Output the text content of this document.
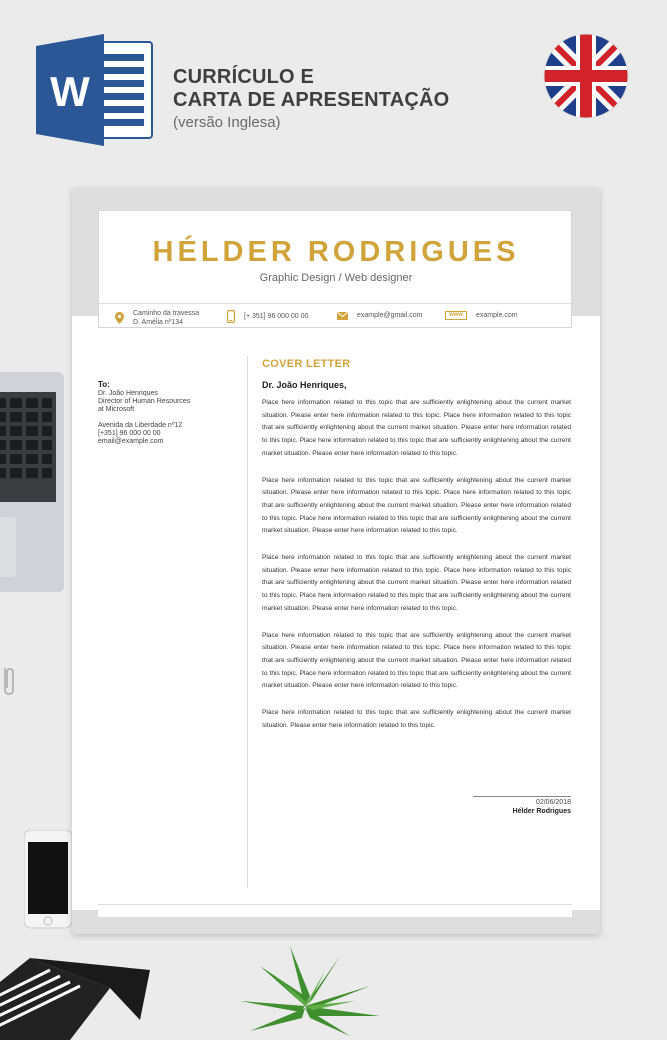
W	CURRÍCULO E
CARTA DE APRESENTAÇÃO
(versão Inglesa)
HÉLDER RODRIGUES
Graphic Design / Web designer
Caminho da travessa
D. Amélia nº134
[+ 351] 96 000 00 00	example@gmail.com	www	example.com
To:
Dr. João Henriques
Director of Human Resources
at Microsoft
Avenida da Liberdade nº12
[+351] 96 000 00 00
email@example.com
COVER LETTER
Dr. João Henriques,

Place here information related to this topic that are sufficiently enlightening about the current market situation. Please enter here information related to this topic. Place here information related to this topic that are sufficiently enlightening about the current market situation. Please enter here information related to this topic. Place here information related to this topic that are sufficiently enlightening about the current market situation. Please enter here information related to this topic.

Place here information related to this topic that are sufficiently enlightening about the current market situation. Please enter here information related to this topic. Place here information related to this topic that are sufficiently enlightening about the current market situation. Please enter here information related to this topic. Place here information related to this topic that are sufficiently enlightening about the current market situation. Please enter here information related to this topic.

Place here information related to this topic that are sufficiently enlightening about the current market situation. Please enter here information related to this topic. Place here information related to this topic that are sufficiently enlightening about the current market situation. Please enter here information related to this topic. Place here information related to this topic that are sufficiently enlightening about the current market situation. Please enter here information related to this topic.

Place here information related to this topic that are sufficiently enlightening about the current market situation. Please enter here information related to this topic. Place here information related to this topic that are sufficiently enlightening about the current market situation. Please enter here information related to this topic. Place here information related to this topic that are sufficiently enlightening about the current market situation. Please enter here information related to this topic.

Place here information related to this topic that are sufficiently enlightening about the current market situation. Please enter here information related to this topic.

02/06/2018
Hélder Rodrigues
